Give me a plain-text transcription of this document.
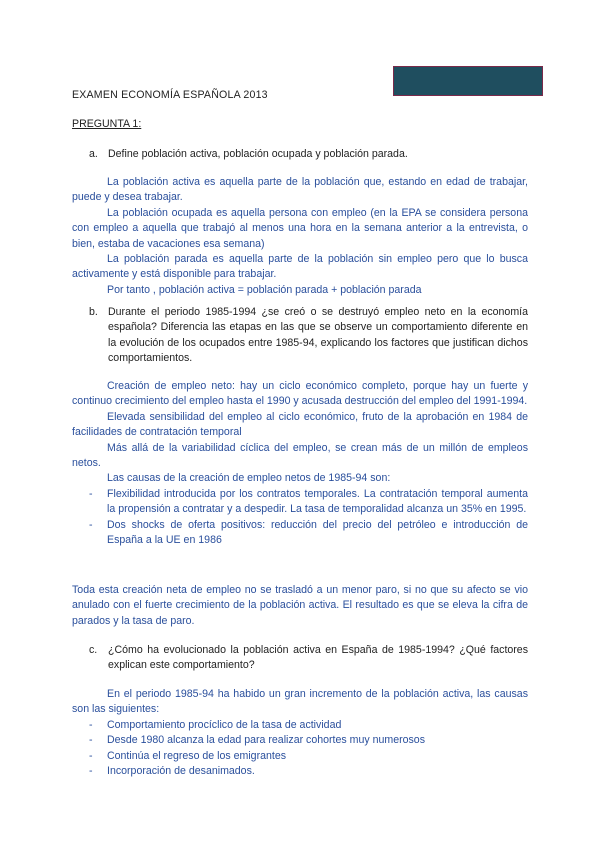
EXAMEN ECONOMÍA ESPAÑOLA 2013
PREGUNTA 1:
a. Define población activa, población ocupada y población parada.

La población activa es aquella parte de la población que, estando en edad de trabajar, puede y desea trabajar.

La población ocupada es aquella persona con empleo (en la EPA se considera persona con empleo a aquella que trabajó al menos una hora en la semana anterior a la entrevista, o bien, estaba de vacaciones esa semana)

La población parada es aquella parte de la población sin empleo pero que lo busca activamente y está disponible para trabajar.

Por tanto , población activa = población parada + población parada

b. Durante el periodo 1985-1994 ¿se creó o se destruyó empleo neto en la economía española? Diferencia las etapas en las que se observe un comportamiento diferente en la evolución de los ocupados entre 1985-94, explicando los factores que justifican dichos comportamientos.

Creación de empleo neto: hay un ciclo económico completo, porque hay un fuerte y continuo crecimiento del empleo hasta el 1990 y acusada destrucción del empleo del 1991-1994.

Elevada sensibilidad del empleo al ciclo económico, fruto de la aprobación en 1984 de facilidades de contratación temporal

Más allá de la variabilidad cíclica del empleo, se crean más de un millón de empleos netos.

Las causas de la creación de empleo netos de 1985-94 son:

- Flexibilidad introducida por los contratos temporales. La contratación temporal aumenta la propensión a contratar y a despedir. La tasa de temporalidad alcanza un 35% en 1995.
- Dos shocks de oferta positivos: reducción del precio del petróleo e introducción de España a la UE en 1986

Toda esta creación neta de empleo no se trasladó a un menor paro, si no que su afecto se vio anulado con el fuerte crecimiento de la población activa. El resultado es que se eleva la cifra de parados y la tasa de paro.

c. ¿Cómo ha evolucionado la población activa en España de 1985-1994? ¿Qué factores explican este comportamiento?

En el periodo 1985-94 ha habido un gran incremento de la población activa, las causas son las siguientes:

- Comportamiento procíclico de la tasa de actividad
- Desde 1980 alcanza la edad para realizar cohortes muy numerosos
- Continúa el regreso de los emigrantes
- Incorporación de desanimados.
